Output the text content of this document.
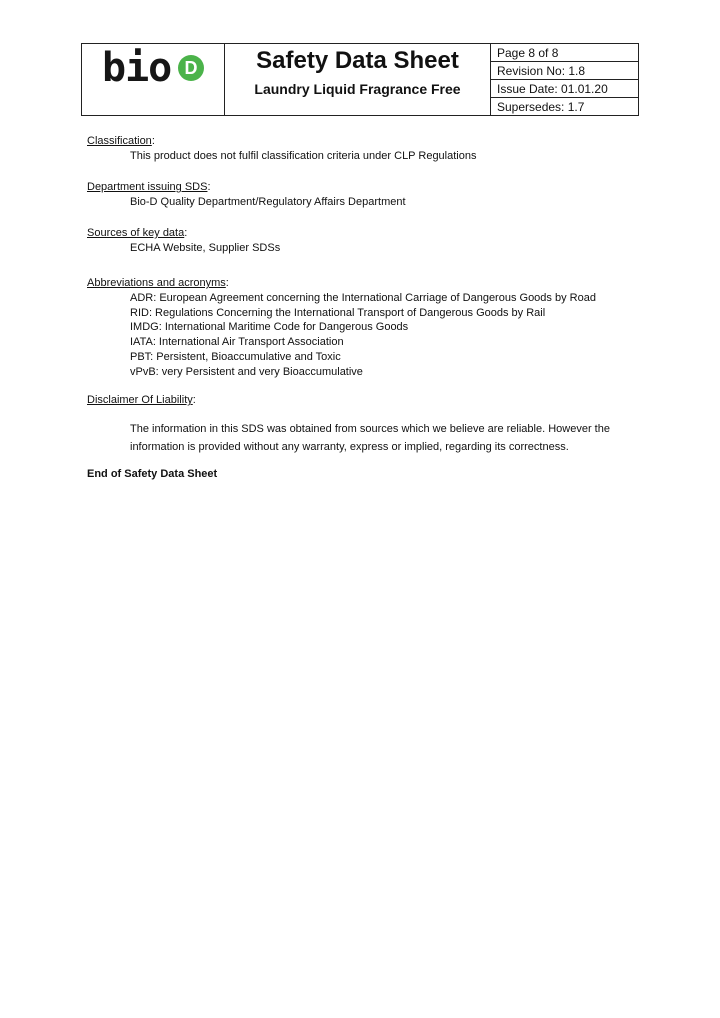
bio D	Safety Data Sheet
Laundry Liquid Fragrance Free
Page 8 of 8
Revision No: 1.8
Issue Date: 01.01.20
Supersedes: 1.7
Classification:
This product does not fulfil classification criteria under CLP Regulations
Department issuing SDS:
Bio-D Quality Department/Regulatory Affairs Department
Sources of key data:
ECHA Website, Supplier SDSs
Abbreviations and acronyms:
ADR: European Agreement concerning the International Carriage of Dangerous Goods by Road
RID: Regulations Concerning the International Transport of Dangerous Goods by Rail
IMDG: International Maritime Code for Dangerous Goods
IATA: International Air Transport Association
PBT: Persistent, Bioaccumulative and Toxic
vPvB: very Persistent and very Bioaccumulative
Disclaimer Of Liability:
The information in this SDS was obtained from sources which we believe are reliable. However the information is provided without any warranty, express or implied, regarding its correctness.
End of Safety Data Sheet
